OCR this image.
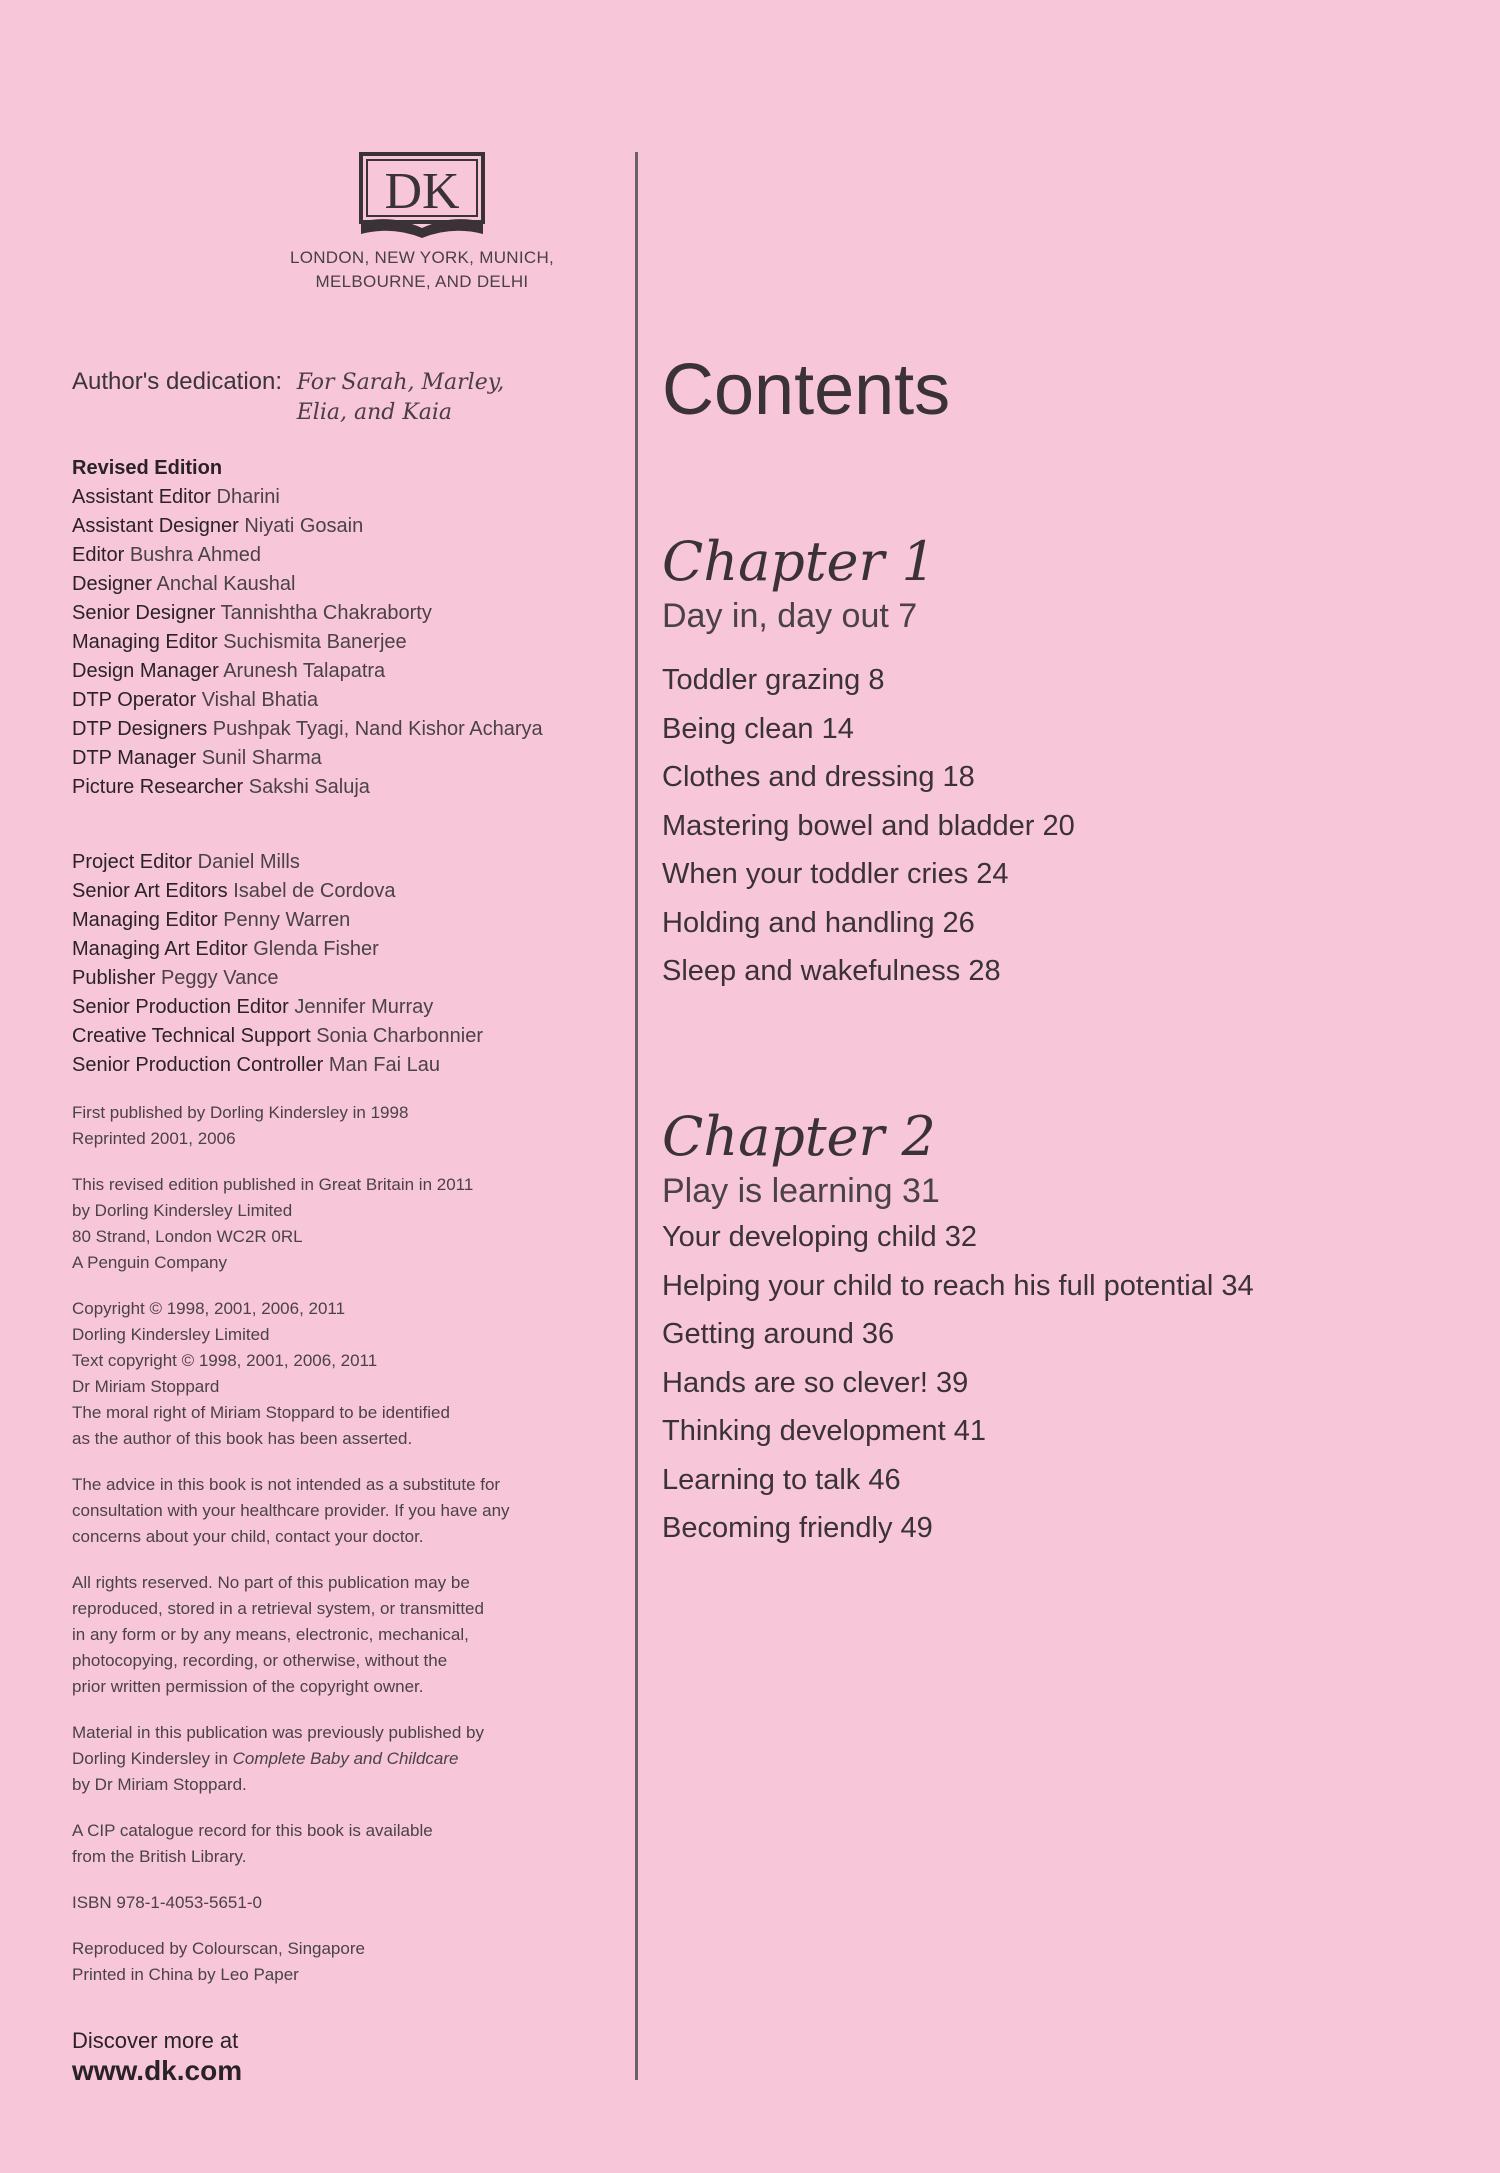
DK
LONDON, NEW YORK, MUNICH,
MELBOURNE, AND DELHI
Author's dedication: For Sarah, Marley,
Elia, and Kaia
Revised Edition
Assistant Editor Dharini
Assistant Designer Niyati Gosain
Editor Bushra Ahmed
Designer Anchal Kaushal
Senior Designer Tannishtha Chakraborty
Managing Editor Suchismita Banerjee
Design Manager Arunesh Talapatra
DTP Operator Vishal Bhatia
DTP Designers Pushpak Tyagi, Nand Kishor Acharya
DTP Manager Sunil Sharma
Picture Researcher Sakshi Saluja
Project Editor Daniel Mills
Senior Art Editors Isabel de Cordova
Managing Editor Penny Warren
Managing Art Editor Glenda Fisher
Publisher Peggy Vance
Senior Production Editor Jennifer Murray
Creative Technical Support Sonia Charbonnier
Senior Production Controller Man Fai Lau

First published by Dorling Kindersley in 1998
Reprinted 2001, 2006

This revised edition published in Great Britain in 2011
by Dorling Kindersley Limited
80 Strand, London WC2R 0RL
A Penguin Company

Copyright © 1998, 2001, 2006, 2011
Dorling Kindersley Limited
Text copyright © 1998, 2001, 2006, 2011
Dr Miriam Stoppard
The moral right of Miriam Stoppard to be identified
as the author of this book has been asserted.

The advice in this book is not intended as a substitute for
consultation with your healthcare provider. If you have any
concerns about your child, contact your doctor.

All rights reserved. No part of this publication may be
reproduced, stored in a retrieval system, or transmitted
in any form or by any means, electronic, mechanical,
photocopying, recording, or otherwise, without the
prior written permission of the copyright owner.

Material in this publication was previously published by
Dorling Kindersley in Complete Baby and Childcare
by Dr Miriam Stoppard.

A CIP catalogue record for this book is available
from the British Library.

ISBN 978-1-4053-5651-0

Reproduced by Colourscan, Singapore
Printed in China by Leo Paper

Discover more at
www.dk.com
Contents
Chapter 1
Day in, day out 7
Toddler grazing 8
Being clean 14
Clothes and dressing 18
Mastering bowel and bladder 20
When your toddler cries 24
Holding and handling 26
Sleep and wakefulness 28
Chapter 2
Play is learning 31
Your developing child 32
Helping your child to reach his full potential 34
Getting around 36
Hands are so clever! 39
Thinking development 41
Learning to talk 46
Becoming friendly 49
